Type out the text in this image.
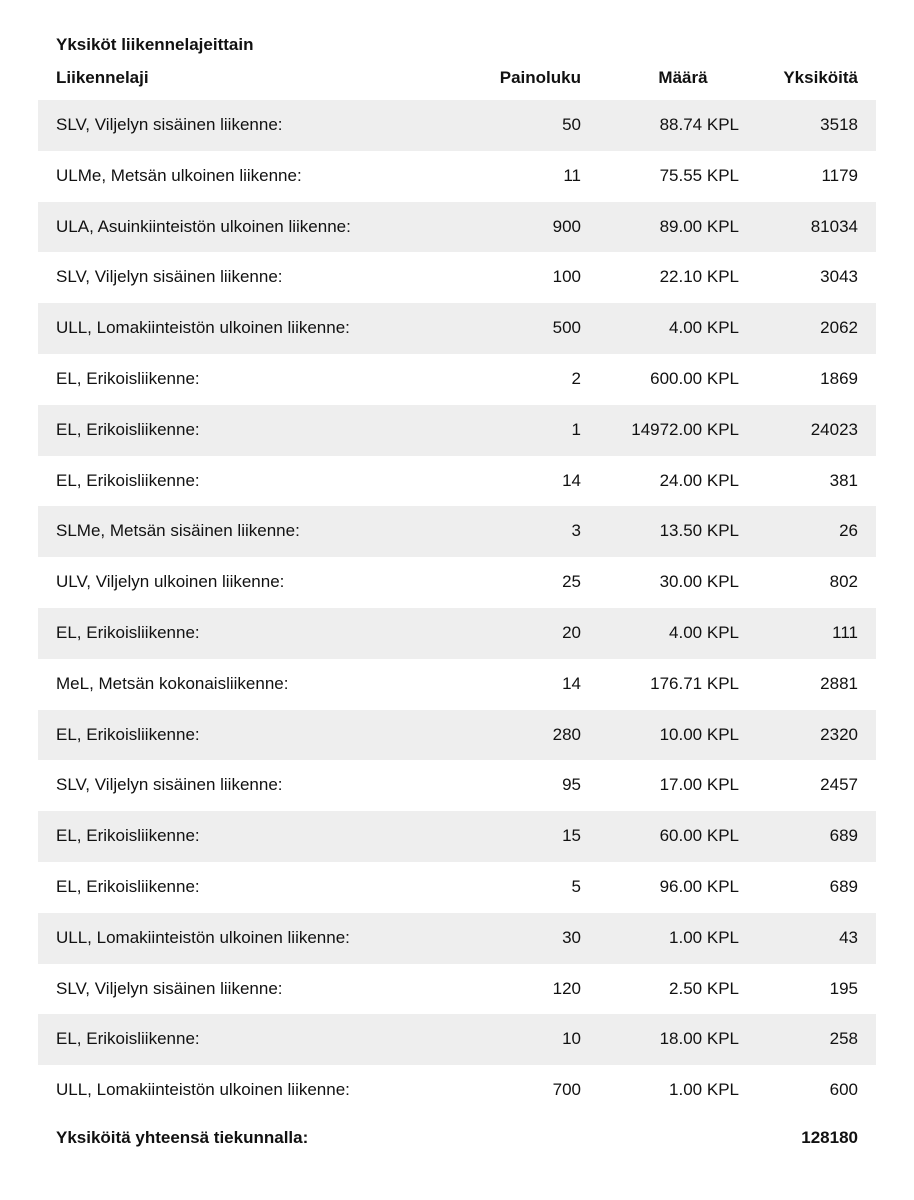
Yksiköt liikennelajeittain
Liikennelaji	Painoluku	Määrä	Yksiköitä
SLV, Viljelyn sisäinen liikenne:	50	88.74 KPL	3518
ULMe, Metsän ulkoinen liikenne:	11	75.55 KPL	1179
ULA, Asuinkiinteistön ulkoinen liikenne:	900	89.00 KPL	81034
SLV, Viljelyn sisäinen liikenne:	100	22.10 KPL	3043
ULL, Lomakiinteistön ulkoinen liikenne:	500	4.00 KPL	2062
EL, Erikoisliikenne:	2	600.00 KPL	1869
EL, Erikoisliikenne:	1	14972.00 KPL	24023
EL, Erikoisliikenne:	14	24.00 KPL	381
SLMe, Metsän sisäinen liikenne:	3	13.50 KPL	26
ULV, Viljelyn ulkoinen liikenne:	25	30.00 KPL	802
EL, Erikoisliikenne:	20	4.00 KPL	111
MeL, Metsän kokonaisliikenne:	14	176.71 KPL	2881
EL, Erikoisliikenne:	280	10.00 KPL	2320
SLV, Viljelyn sisäinen liikenne:	95	17.00 KPL	2457
EL, Erikoisliikenne:	15	60.00 KPL	689
EL, Erikoisliikenne:	5	96.00 KPL	689
ULL, Lomakiinteistön ulkoinen liikenne:	30	1.00 KPL	43
SLV, Viljelyn sisäinen liikenne:	120	2.50 KPL	195
EL, Erikoisliikenne:	10	18.00 KPL	258
ULL, Lomakiinteistön ulkoinen liikenne:	700	1.00 KPL	600
Yksiköitä yhteensä tiekunnalla:			128180
